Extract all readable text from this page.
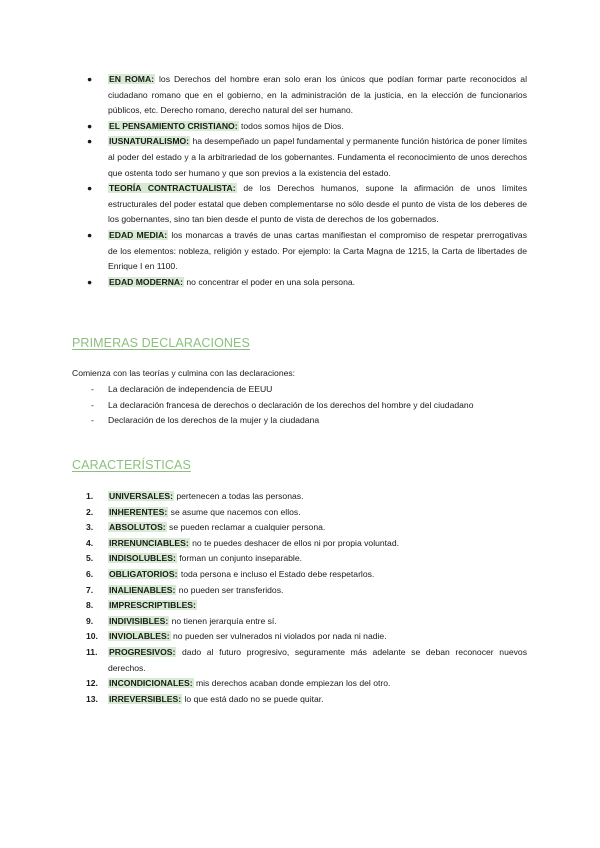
● EN ROMA: los Derechos del hombre eran solo eran los únicos que podían formar parte reconocidos al ciudadano romano que en el gobierno, en la administración de la justicia, en la elección de funcionarios públicos, etc. Derecho romano, derecho natural del ser humano.
● EL PENSAMIENTO CRISTIANO: todos somos hijos de Dios.
● IUSNATURALISMO: ha desempeñado un papel fundamental y permanente función histórica de poner límites al poder del estado y a la arbitrariedad de los gobernantes. Fundamenta el reconocimiento de unos derechos que ostenta todo ser humano y que son previos a la existencia del estado.
● TEORÍA CONTRACTUALISTA: de los Derechos humanos, supone la afirmación de unos límites estructurales del poder estatal que deben complementarse no sólo desde el punto de vista de los deberes de los gobernantes, sino tan bien desde el punto de vista de derechos de los gobernados.
● EDAD MEDIA: los monarcas a través de unas cartas manifiestan el compromiso de respetar prerrogativas de los elementos: nobleza, religión y estado. Por ejemplo: la Carta Magna de 1215, la Carta de libertades de Enrique I en 1100.
● EDAD MODERNA: no concentrar el poder en una sola persona.
PRIMERAS DECLARACIONES
Comienza con las teorías y culmina con las declaraciones:
- La declaración de independencia de EEUU
- La declaración francesa de derechos o declaración de los derechos del hombre y del ciudadano
- Declaración de los derechos de la mujer y la ciudadana
CARACTERÍSTICAS
1.	UNIVERSALES: pertenecen a todas las personas.
2.	INHERENTES: se asume que nacemos con ellos.
3.	ABSOLUTOS: se pueden reclamar a cualquier persona.
4.	IRRENUNCIABLES: no te puedes deshacer de ellos ni por propia voluntad.
5.	INDISOLUBLES: forman un conjunto inseparable.
6.	OBLIGATORIOS: toda persona e incluso el Estado debe respetarlos.
7.	INALIENABLES: no pueden ser transferidos.
8.	IMPRESCRIPTIBLES:
9.	INDIVISIBLES: no tienen jerarquía entre sí.
10.	INVIOLABLES: no pueden ser vulnerados ni violados por nada ni nadie.
11.	PROGRESIVOS: dado al futuro progresivo, seguramente más adelante se deban reconocer nuevos derechos.
12.	INCONDICIONALES: mis derechos acaban donde empiezan los del otro.
13.	IRREVERSIBLES: lo que está dado no se puede quitar.
